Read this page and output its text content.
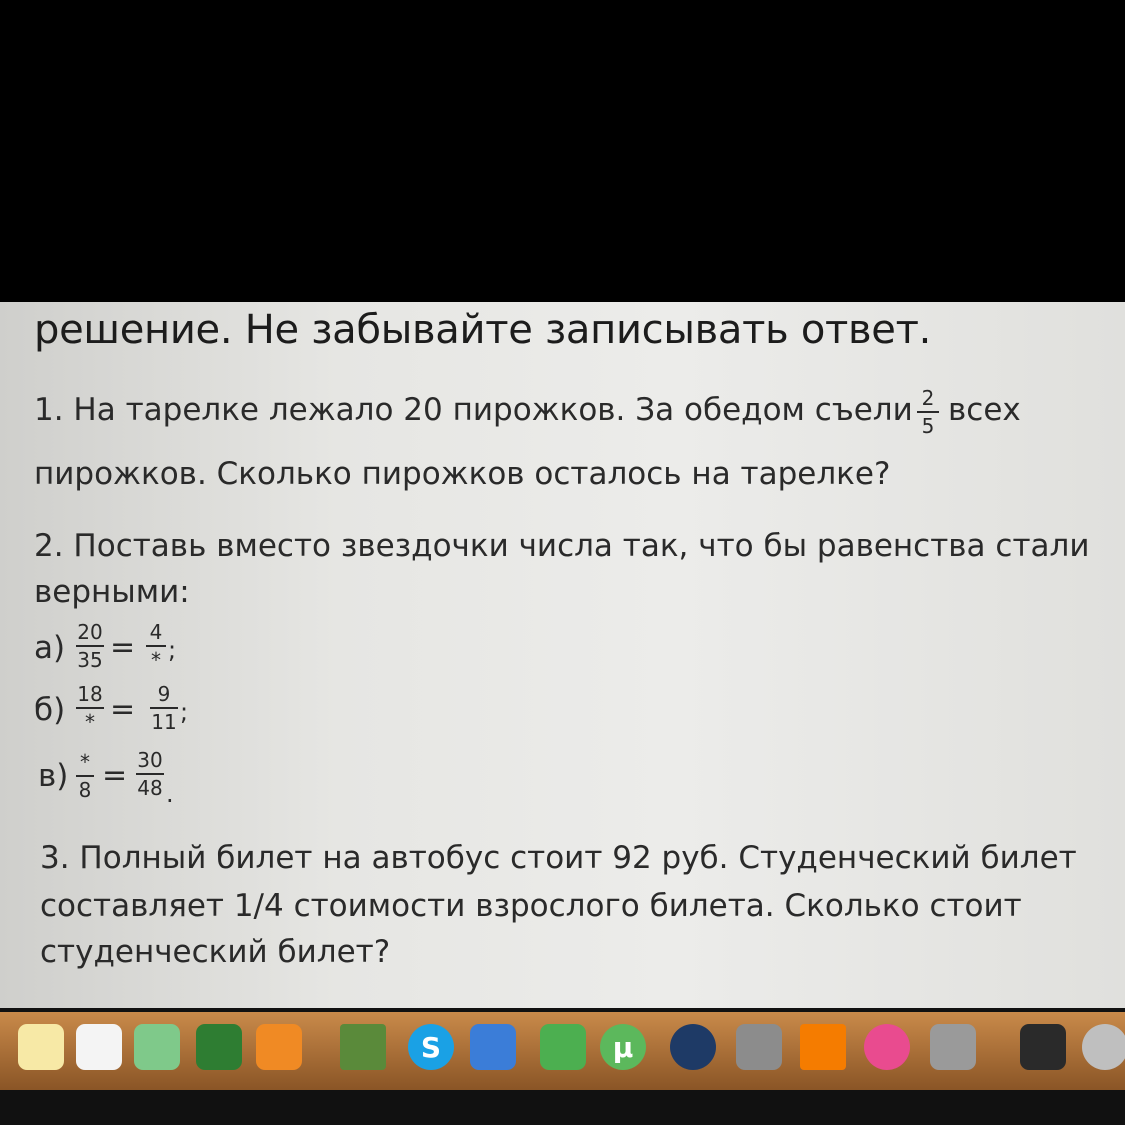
решение. Не забывайте записывать ответ.
1. На тарелке лежало 20 пирожков. За обедом съели 2
5 всех
пирожков. Сколько пирожков осталось на тарелке?
2. Поставь вместо звездочки числа так, что бы равенства стали
верными:
а) 20
35 = 4
* ;
б) 18
* =	9
11 ;
в) *
8 = 30
48 .
3. Полный билет на автобус стоит 92 руб. Студенческий билет
составляет 1/4 стоимости взрослого билета. Сколько стоит
студенческий билет?
S	µ
